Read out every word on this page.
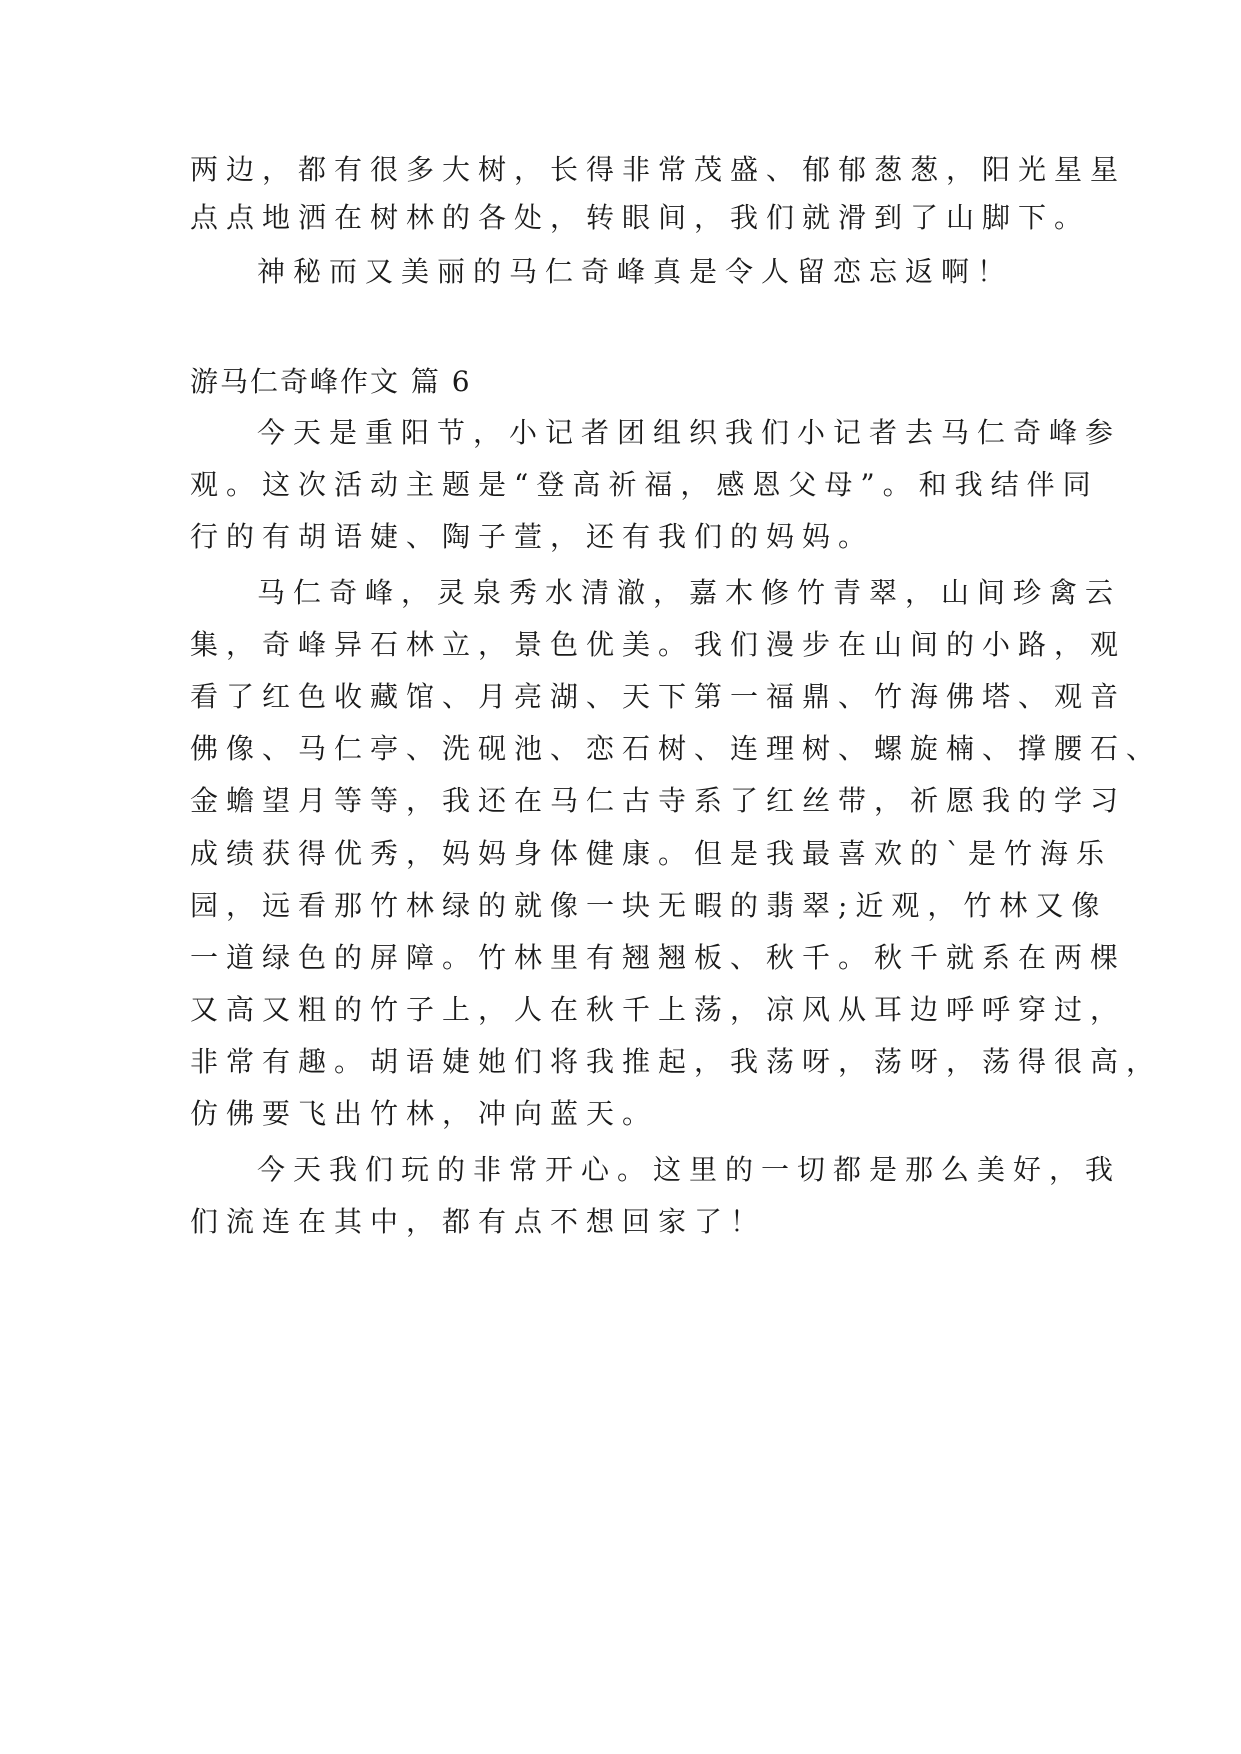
两边，都有很多大树，长得非常茂盛、郁郁葱葱，阳光星星
点点地洒在树林的各处，转眼间，我们就滑到了山脚下。
神秘而又美丽的马仁奇峰真是令人留恋忘返啊！
游马仁奇峰作文 篇 6
今天是重阳节，小记者团组织我们小记者去马仁奇峰参
观。这次活动主题是“登高祈福，感恩父母”。和我结伴同
行的有胡语婕、陶子萱，还有我们的妈妈。
马仁奇峰，灵泉秀水清澈，嘉木修竹青翠，山间珍禽云
集，奇峰异石林立，景色优美。我们漫步在山间的小路，观
看了红色收藏馆、月亮湖、天下第一福鼎、竹海佛塔、观音
佛像、马仁亭、洗砚池、恋石树、连理树、螺旋楠、撑腰石、
金蟾望月等等，我还在马仁古寺系了红丝带，祈愿我的学习
成绩获得优秀，妈妈身体健康。但是我最喜欢的`是竹海乐
园，远看那竹林绿的就像一块无暇的翡翠;近观，竹林又像
一道绿色的屏障。竹林里有翘翘板、秋千。秋千就系在两棵
又高又粗的竹子上，人在秋千上荡，凉风从耳边呼呼穿过，
非常有趣。胡语婕她们将我推起，我荡呀，荡呀，荡得很高，
仿佛要飞出竹林，冲向蓝天。
今天我们玩的非常开心。这里的一切都是那么美好，我
们流连在其中，都有点不想回家了！
